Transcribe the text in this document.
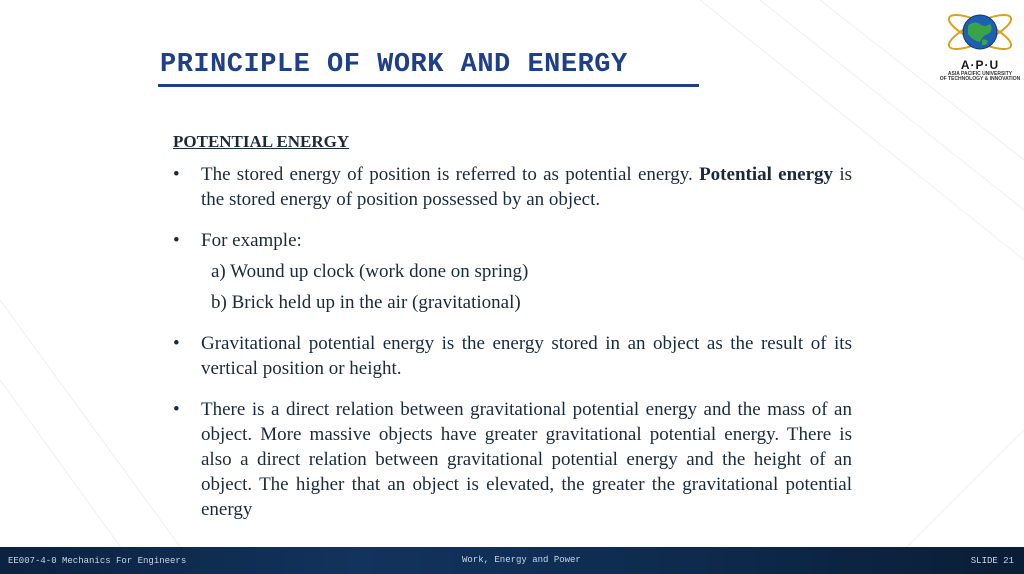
PRINCIPLE OF WORK AND ENERGY	A·P·U
ASIA PACIFIC UNIVERSITY
OF TECHNOLOGY & INNOVATION
POTENTIAL ENERGY
• The stored energy of position is referred to as potential energy. Potential energy is the stored energy of position possessed by an object.
• For example:
a) Wound up clock (work done on spring)
b) Brick held up in the air (gravitational)
• Gravitational potential energy is the energy stored in an object as the result of its vertical position or height.
• There is a direct relation between gravitational potential energy and the mass of an object. More massive objects have greater gravitational potential energy. There is also a direct relation between gravitational potential energy and the height of an object. The higher that an object is elevated, the greater the gravitational potential energy
EE007-4-0 Mechanics For Engineers	Work, Energy and Power	SLIDE 21
